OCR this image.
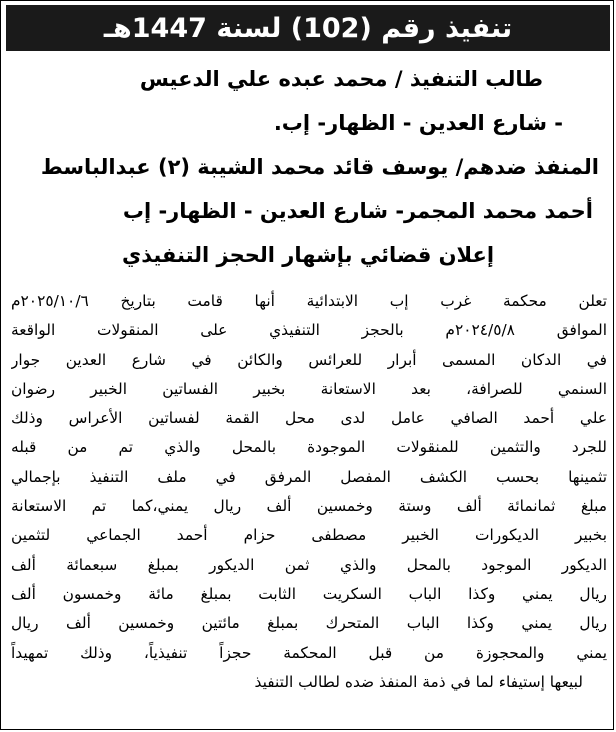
تنفيذ رقم (102) لسنة 1447هـ
طالب التنفيذ / محمد عبده علي الدعيس
- شارع العدين - الظهار- إب.
المنفذ ضدهم/ يوسف قائد محمد الشيبة (٢) عبدالباسط
أحمد محمد المجمر- شارع العدين - الظهار- إب
إعلان قضائي بإشهار الحجز التنفيذي
تعلن محكمة غرب إب الابتدائية أنها قامت بتاريخ ٢٠٢٥/١٠/٦م
الموافق ٢٠٢٤/٥/٨م بالحجز التنفيذي على المنقولات الواقعة
في الدكان المسمى أبرار للعرائس والكائن في شارع العدين جوار
السنمي للصرافة، بعد الاستعانة بخبير الفساتين الخبير رضوان
علي أحمد الصافي عامل لدى محل القمة لفساتين الأعراس وذلك
للجرد والتثمين للمنقولات الموجودة بالمحل والذي تم من قبله
تثمينها بحسب الكشف المفصل المرفق في ملف التنفيذ بإجمالي
مبلغ ثمانمائة ألف وستة وخمسين ألف ريال يمني،كما تم الاستعانة
بخبير الديكورات الخبير مصطفى حزام أحمد الجماعي لتثمين
الديكور الموجود بالمحل والذي ثمن الديكور بمبلغ سبعمائة ألف
ريال يمني وكذا الباب السكريت الثابت بمبلغ مائة وخمسون ألف
ريال يمني وكذا الباب المتحرك بمبلغ مائتين وخمسين ألف ريال
يمني والمحجوزة من قبل المحكمة حجزاً تنفيذياً، وذلك تمهيداً
لبيعها إستيفاء لما في ذمة المنفذ ضده لطالب التنفيذ
